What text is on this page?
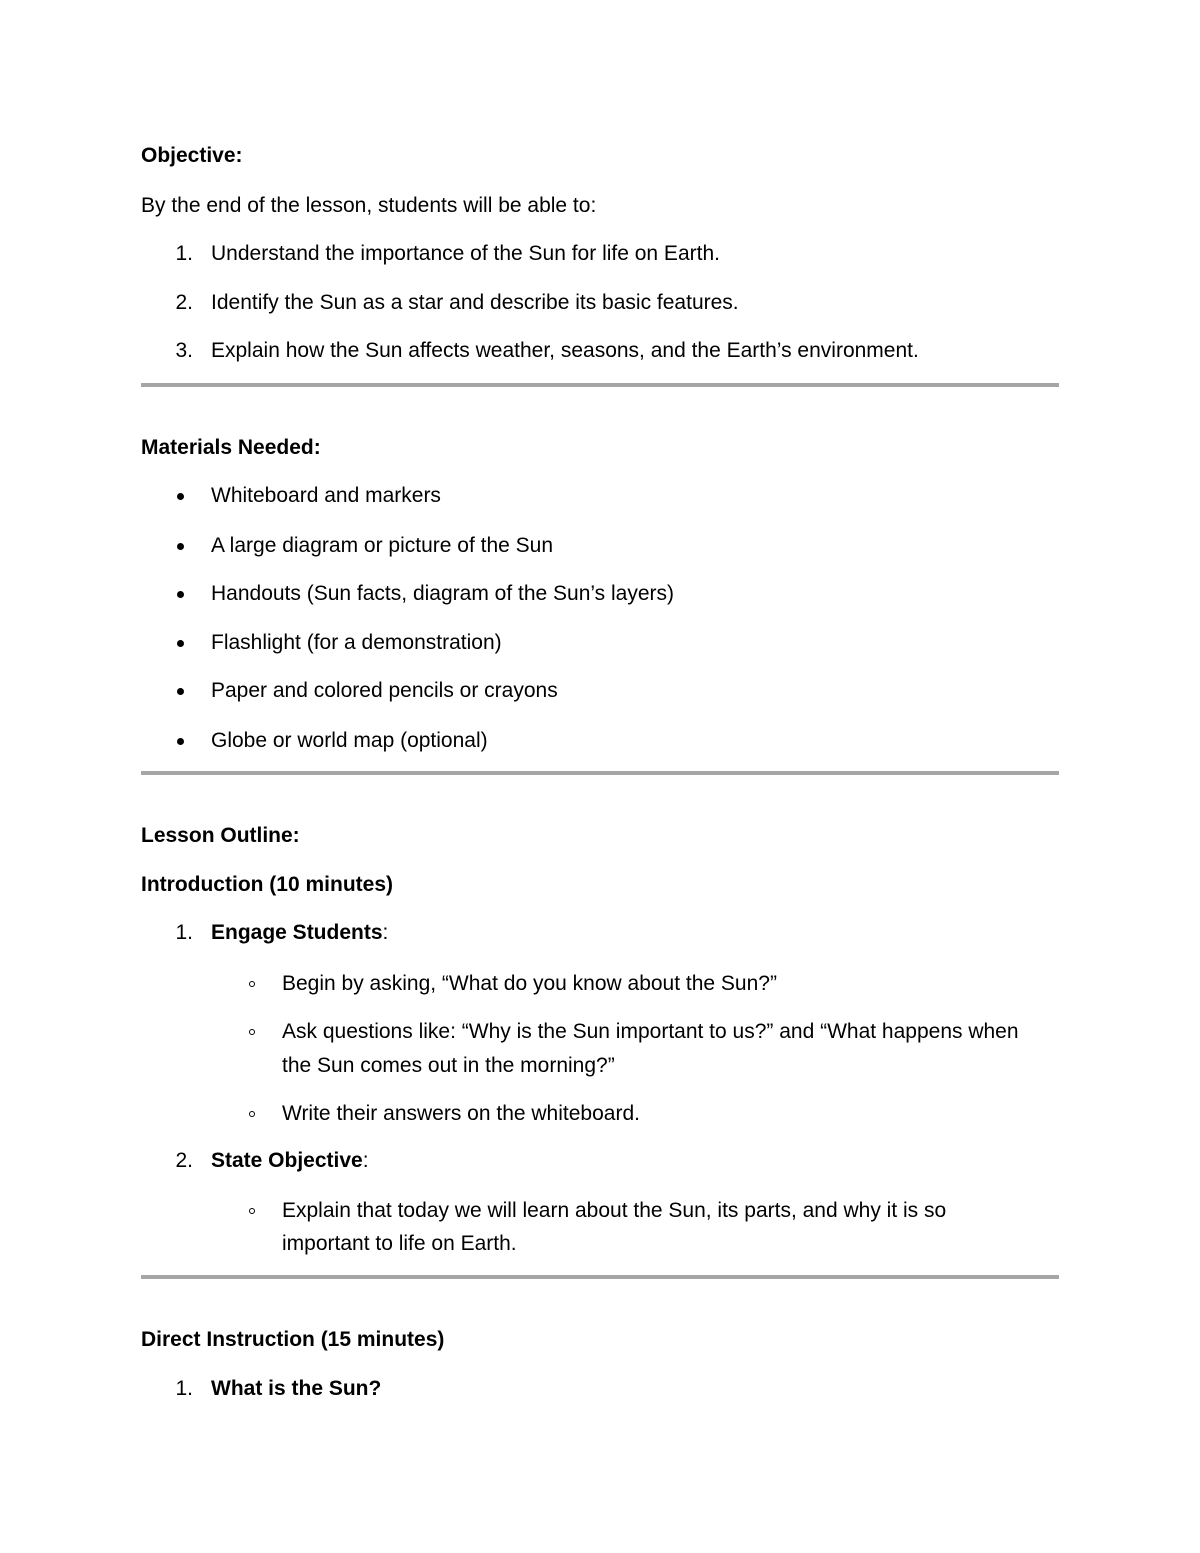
Objective:
By the end of the lesson, students will be able to:
1. Understand the importance of the Sun for life on Earth.
2. Identify the Sun as a star and describe its basic features.
3. Explain how the Sun affects weather, seasons, and the Earth’s environment.
Materials Needed:
Whiteboard and markers
A large diagram or picture of the Sun
Handouts (Sun facts, diagram of the Sun’s layers)
Flashlight (for a demonstration)
Paper and colored pencils or crayons
Globe or world map (optional)
Lesson Outline:
Introduction (10 minutes)
1. Engage Students:
Begin by asking, “What do you know about the Sun?”
Ask questions like: “Why is the Sun important to us?” and “What happens when
the Sun comes out in the morning?”
Write their answers on the whiteboard.
2. State Objective:
Explain that today we will learn about the Sun, its parts, and why it is so
important to life on Earth.
Direct Instruction (15 minutes)
1. What is the Sun?
